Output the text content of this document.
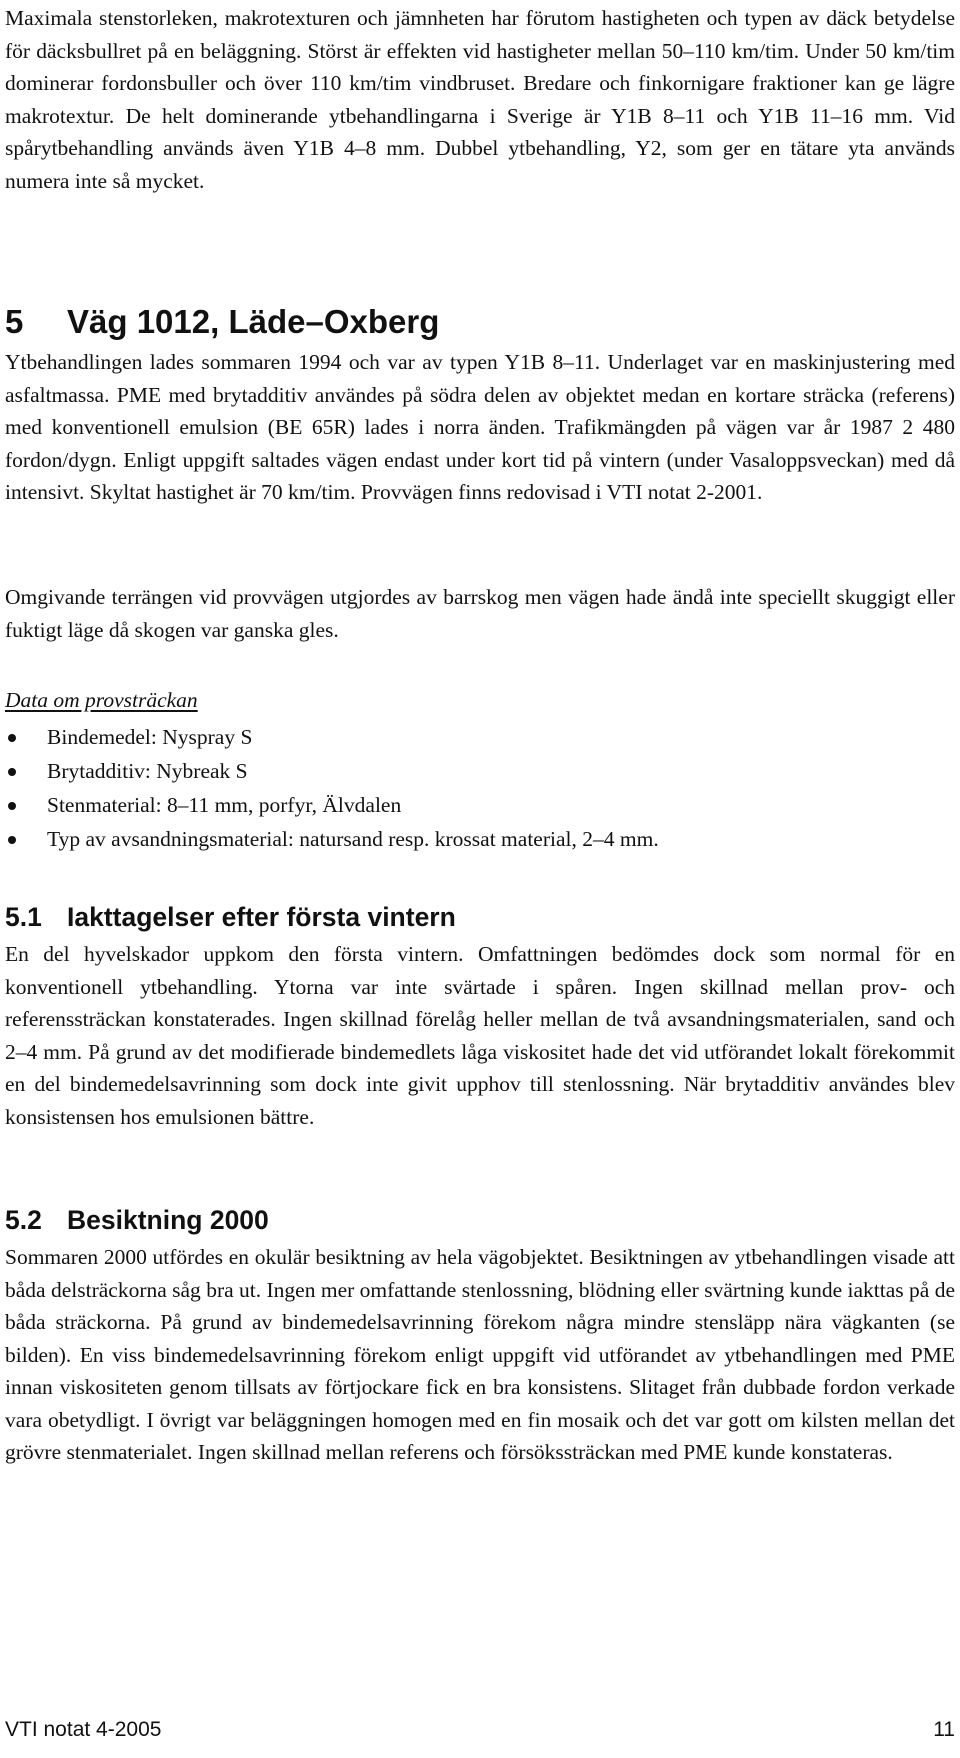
Maximala stenstorleken, makrotexturen och jämnheten har förutom hastigheten och typen av däck betydelse för däcksbullret på en beläggning. Störst är effekten vid hastigheter mellan 50–110 km/tim. Under 50 km/tim dominerar fordonsbuller och över 110 km/tim vindbruset. Bredare och finkornigare fraktioner kan ge lägre makrotextur. De helt dominerande ytbehandlingarna i Sverige är Y1B 8–11 och Y1B 11–16 mm. Vid spårytbehandling används även Y1B 4–8 mm. Dubbel ytbehandling, Y2, som ger en tätare yta används numera inte så mycket.

5 Väg 1012, Läde–Oxberg

Ytbehandlingen lades sommaren 1994 och var av typen Y1B 8–11. Underlaget var en maskinjustering med asfaltmassa. PME med brytadditiv användes på södra delen av objektet medan en kortare sträcka (referens) med konventionell emulsion (BE 65R) lades i norra änden. Trafikmängden på vägen var år 1987 2 480 fordon/dygn. Enligt uppgift saltades vägen endast under kort tid på vintern (under Vasaloppsveckan) med då intensivt. Skyltat hastighet är 70 km/tim. Provvägen finns redovisad i VTI notat 2-2001.

Omgivande terrängen vid provvägen utgjordes av barrskog men vägen hade ändå inte speciellt skuggigt eller fuktigt läge då skogen var ganska gles.

Data om provsträckan
Bindemedel: Nyspray S
Brytadditiv: Nybreak S
Stenmaterial: 8–11 mm, porfyr, Älvdalen
Typ av avsandningsmaterial: natursand resp. krossat material, 2–4 mm.
5.1 Iakttagelser efter första vintern

En del hyvelskador uppkom den första vintern. Omfattningen bedömdes dock som normal för en konventionell ytbehandling. Ytorna var inte svärtade i spåren. Ingen skillnad mellan prov- och referenssträckan konstaterades. Ingen skillnad förelåg heller mellan de två avsandningsmaterialen, sand och 2–4 mm. På grund av det modifierade bindemedlets låga viskositet hade det vid utförandet lokalt förekommit en del bindemedelsavrinning som dock inte givit upphov till stenlossning. När brytadditiv användes blev konsistensen hos emulsionen bättre.

5.2 Besiktning 2000

Sommaren 2000 utfördes en okulär besiktning av hela vägobjektet. Besiktningen av ytbehandlingen visade att båda delsträckorna såg bra ut. Ingen mer omfattande stenlossning, blödning eller svärtning kunde iakttas på de båda sträckorna. På grund av bindemedelsavrinning förekom några mindre stensläpp nära vägkanten (se bilden). En viss bindemedelsavrinning förekom enligt uppgift vid utförandet av ytbehandlingen med PME innan viskositeten genom tillsats av förtjockare fick en bra konsistens. Slitaget från dubbade fordon verkade vara obetydligt. I övrigt var beläggningen homogen med en fin mosaik och det var gott om kilsten mellan det grövre stenmaterialet. Ingen skillnad mellan referens och försökssträckan med PME kunde konstateras.

VTI notat 4-2005	11
